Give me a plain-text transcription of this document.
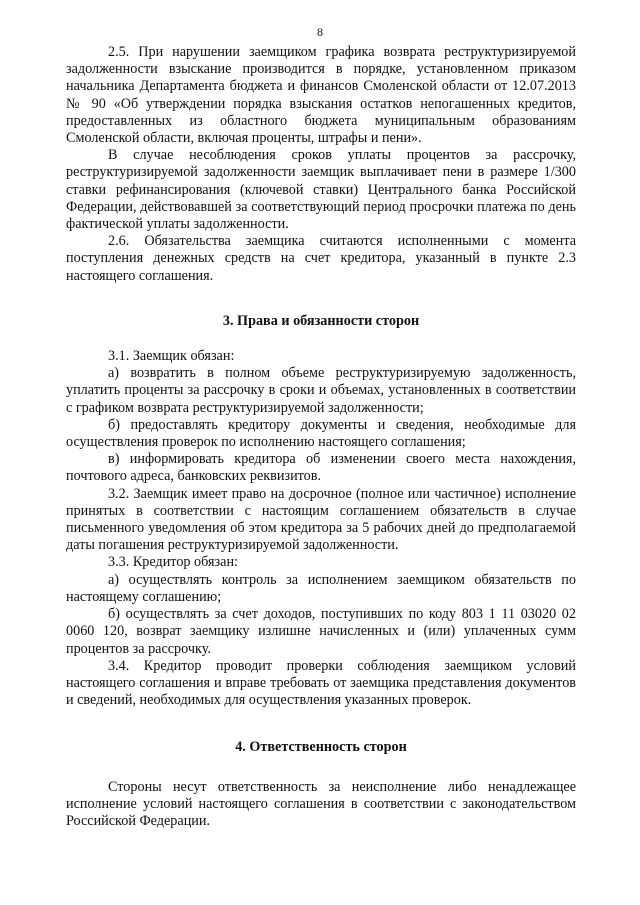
8

2.5. При нарушении заемщиком графика возврата реструктуризируемой задолженности взыскание производится в порядке, установленном приказом начальника Департамента бюджета и финансов Смоленской области от 12.07.2013 № 90 «Об утверждении порядка взыскания остатков непогашенных кредитов, предоставленных из областного бюджета муниципальным образованиям Смоленской области, включая проценты, штрафы и пени».

В случае несоблюдения сроков уплаты процентов за рассрочку, реструктуризируемой задолженности заемщик выплачивает пени в размере 1/300 ставки рефинансирования (ключевой ставки) Центрального банка Российской Федерации, действовавшей за соответствующий период просрочки платежа по день фактической уплаты задолженности.

2.6. Обязательства заемщика считаются исполненными с момента поступления денежных средств на счет кредитора, указанный в пункте 2.3 настоящего соглашения.

3. Права и обязанности сторон

3.1. Заемщик обязан:

а) возвратить в полном объеме реструктуризируемую задолженность, уплатить проценты за рассрочку в сроки и объемах, установленных в соответствии с графиком возврата реструктуризируемой задолженности;

б) предоставлять кредитору документы и сведения, необходимые для осуществления проверок по исполнению настоящего соглашения;

в) информировать кредитора об изменении своего места нахождения, почтового адреса, банковских реквизитов.

3.2. Заемщик имеет право на досрочное (полное или частичное) исполнение принятых в соответствии с настоящим соглашением обязательств в случае письменного уведомления об этом кредитора за 5 рабочих дней до предполагаемой даты погашения реструктуризируемой задолженности.

3.3. Кредитор обязан:

а) осуществлять контроль за исполнением заемщиком обязательств по настоящему соглашению;

б) осуществлять за счет доходов, поступивших по коду 803 1 11 03020 02 0060 120, возврат заемщику излишне начисленных и (или) уплаченных сумм процентов за рассрочку.

3.4. Кредитор проводит проверки соблюдения заемщиком условий настоящего соглашения и вправе требовать от заемщика представления документов и сведений, необходимых для осуществления указанных проверок.

4. Ответственность сторон

Стороны несут ответственность за неисполнение либо ненадлежащее исполнение условий настоящего соглашения в соответствии с законодательством Российской Федерации.
